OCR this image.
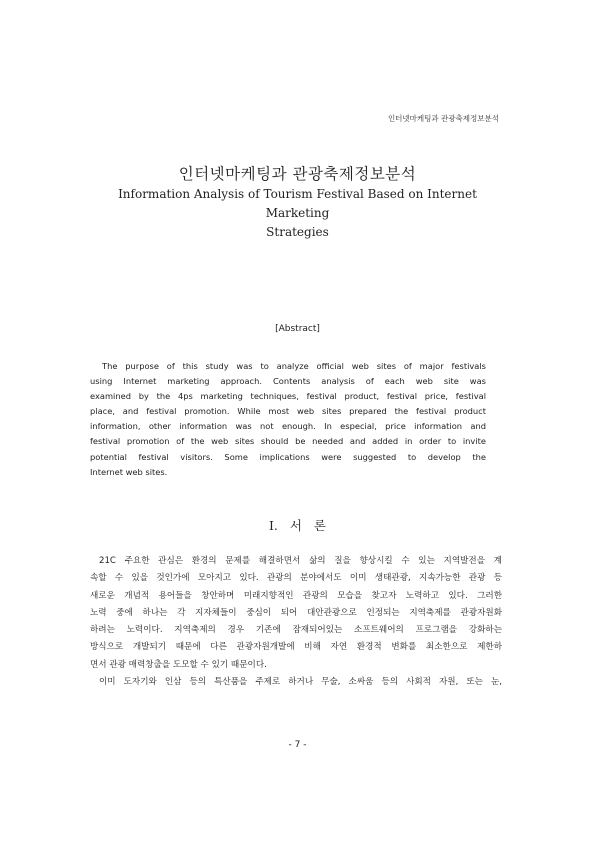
인터넷마케팅과 관광축제정보분석
인터넷마케팅과 관광축제정보분석
Information Analysis of Tourism Festival Based on Internet Marketing
Strategies
[Abstract]
The purpose of this study was to analyze official web sites of major festivals
using Internet marketing approach. Contents analysis of each web site was
examined by the 4ps marketing techniques, festival product, festival price, festival
place, and festival promotion. While most web sites prepared the festival product
information, other information was not enough. In especial, price information and
festival promotion of the web sites should be needed and added in order to invite
potential festival visitors. Some implications were suggested to develop the
Internet web sites.
I. 서 론
21C 주요한 관심은 환경의 문제를 해결하면서 삶의 질을 향상시킬 수 있는 지역발전을 계
속할 수 있을 것인가에 모아지고 있다. 관광의 분야에서도 이미 생태관광, 지속가능한 관광 등
새로운 개념적 용어들을 창안하며 미래지향적인 관광의 모습을 찾고자 노력하고 있다. 그러한
노력 중에 하나는 각 지자체들이 중심이 되어 대안관광으로 인정되는 지역축제를 관광자원화
하려는 노력이다. 지역축제의 경우 기존에 잠재되어있는 소프트웨어의 프로그램을 강화하는
방식으로 개발되기 때문에 다른 관광자원개발에 비해 자연 환경적 변화를 최소한으로 제한하
면서 관광 매력창출을 도모할 수 있기 때문이다.
이미 도자기와 인삼 등의 특산품을 주제로 하거나 무술, 소싸움 등의 사회적 자원, 또는 눈,
- 7 -
